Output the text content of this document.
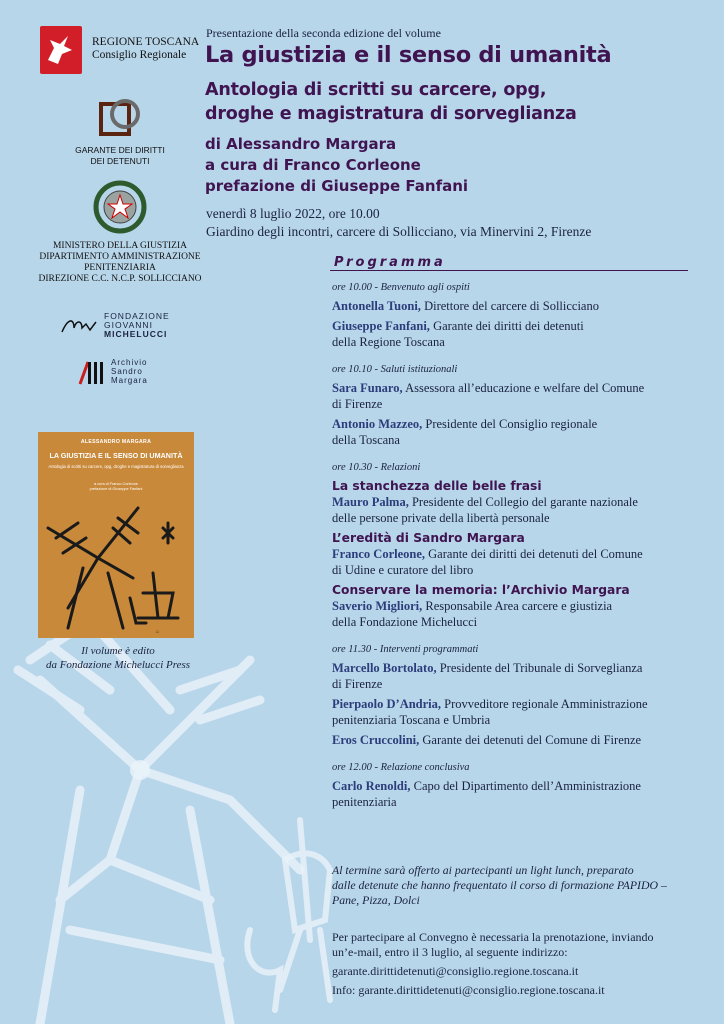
REGIONE TOSCANA
Consiglio Regionale
GARANTE DEI DIRITTI
DEI DETENUTI
MINISTERO DELLA GIUSTIZIA
DIPARTIMENTO AMMINISTRAZIONE
PENITENZIARIA
DIREZIONE C.C. N.C.P. SOLLICCIANO
FONDAZIONE
GIOVANNI
MICHELUCCI
Archivio
Sandro
Margara
ALESSANDRO MARGARA
LA GIUSTIZIA E IL SENSO DI UMANITÀ
Antologia di scritti su carcere, opg, droghe e magistratura di sorveglianza
a cura di Franco Corleone
prefazione di Giuseppe Fanfani
⌂
Il volume è edito
da Fondazione Michelucci Press
Presentazione della seconda edizione del volume
La giustizia e il senso di umanità
Antologia di scritti su carcere, opg,
droghe e magistratura di sorveglianza
di Alessandro Margara
a cura di Franco Corleone
prefazione di Giuseppe Fanfani
venerdì 8 luglio 2022, ore 10.00
Giardino degli incontri, carcere di Sollicciano, via Minervini 2, Firenze
Programma
ore 10.00 - Benvenuto agli ospiti
Antonella Tuoni, Direttore del carcere di Sollicciano
Giuseppe Fanfani, Garante dei diritti dei detenuti
della Regione Toscana
ore 10.10 - Saluti istituzionali
Sara Funaro, Assessora all’educazione e welfare del Comune
di Firenze
Antonio Mazzeo, Presidente del Consiglio regionale
della Toscana
ore 10.30 - Relazioni
La stanchezza delle belle frasi
Mauro Palma, Presidente del Collegio del garante nazionale
delle persone private della libertà personale
L’eredità di Sandro Margara
Franco Corleone, Garante dei diritti dei detenuti del Comune
di Udine e curatore del libro
Conservare la memoria: l’Archivio Margara
Saverio Migliori, Responsabile Area carcere e giustizia
della Fondazione Michelucci
ore 11.30 - Interventi programmati
Marcello Bortolato, Presidente del Tribunale di Sorveglianza
di Firenze
Pierpaolo D’Andria, Provveditore regionale Amministrazione
penitenziaria Toscana e Umbria
Eros Cruccolini, Garante dei detenuti del Comune di Firenze
ore 12.00 - Relazione conclusiva
Carlo Renoldi, Capo del Dipartimento dell’Amministrazione
penitenziaria
Al termine sarà offerto ai partecipanti un light lunch, preparato
dalle detenute che hanno frequentato il corso di formazione PAPIDO –
Pane, Pizza, Dolci
Per partecipare al Convegno è necessaria la prenotazione, inviando
un’e-mail, entro il 3 luglio, al seguente indirizzo:
garante.dirittidetenuti@consiglio.regione.toscana.it
Info: garante.dirittidetenuti@consiglio.regione.toscana.it
